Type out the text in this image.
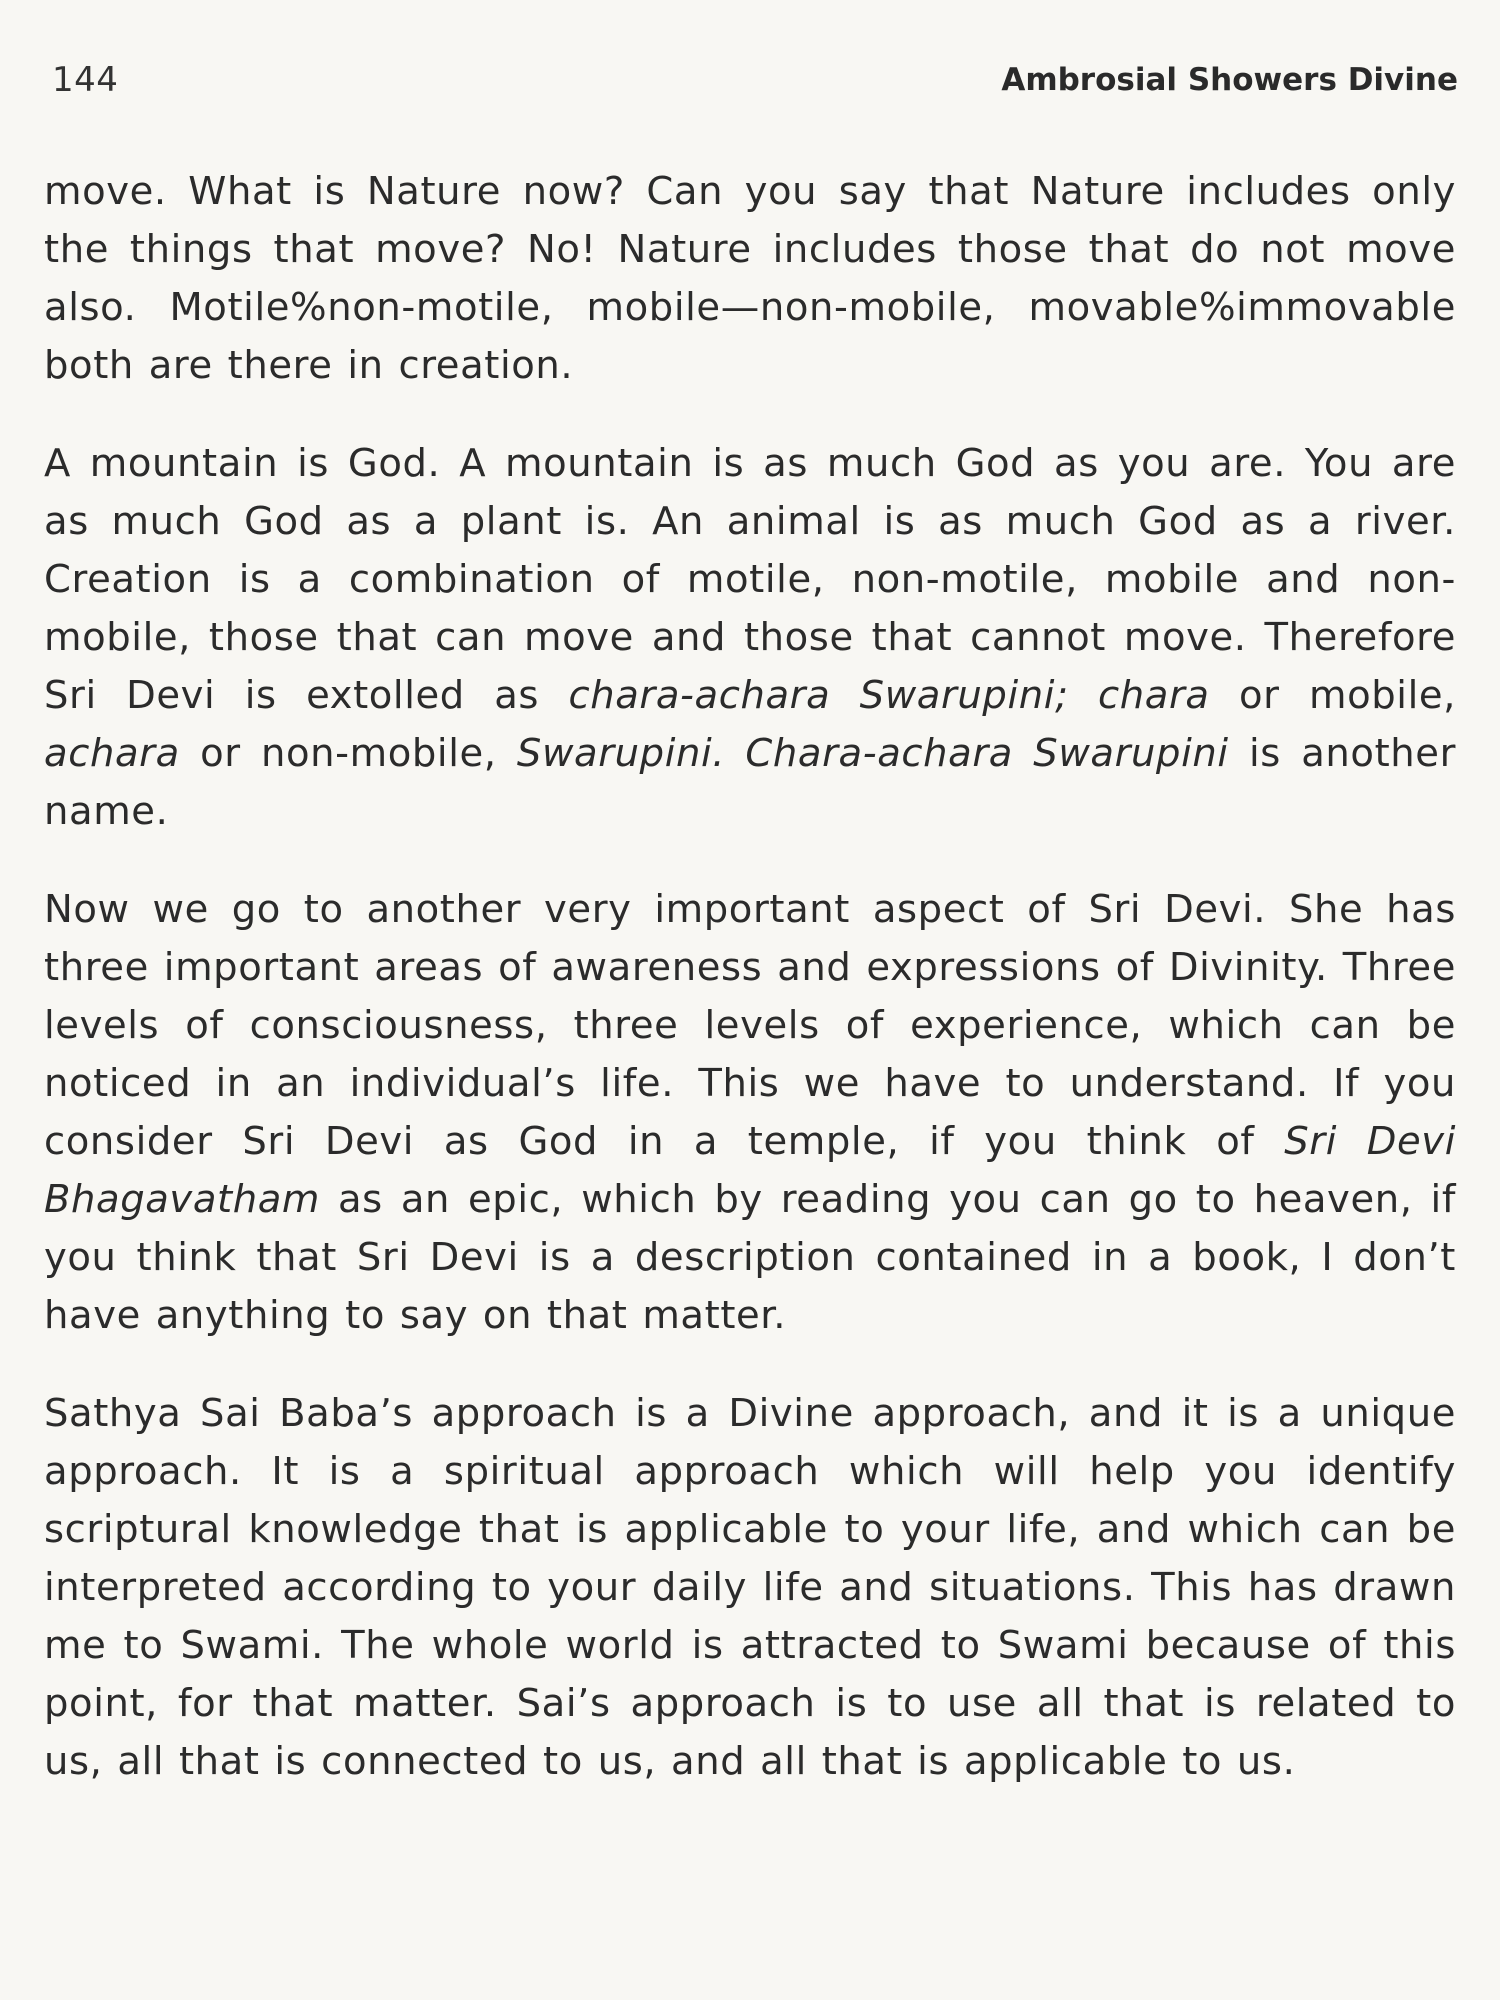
144	Ambrosial Showers Divine

move. What is Nature now? Can you say that Nature includes only the things that move? No! Nature includes those that do not move also. Motile%non-motile, mobile—non-mobile, movable%immovable both are there in creation.

A mountain is God. A mountain is as much God as you are. You are as much God as a plant is. An animal is as much God as a river. Creation is a combination of motile, non-motile, mobile and non-mobile, those that can move and those that cannot move. Therefore Sri Devi is extolled as chara-achara Swarupini; chara or mobile, achara or non-mobile, Swarupini. Chara-achara Swarupini is another name.

Now we go to another very important aspect of Sri Devi. She has three important areas of awareness and expressions of Divinity. Three levels of consciousness, three levels of experience, which can be noticed in an individual’s life. This we have to understand. If you consider Sri Devi as God in a temple, if you think of Sri Devi Bhagavatham as an epic, which by reading you can go to heaven, if you think that Sri Devi is a description contained in a book, I don’t have anything to say on that matter.

Sathya Sai Baba’s approach is a Divine approach, and it is a unique approach. It is a spiritual approach which will help you identify scriptural knowledge that is applicable to your life, and which can be interpreted according to your daily life and situations. This has drawn me to Swami. The whole world is attracted to Swami because of this point, for that matter. Sai’s approach is to use all that is related to us, all that is connected to us, and all that is applicable to us.
